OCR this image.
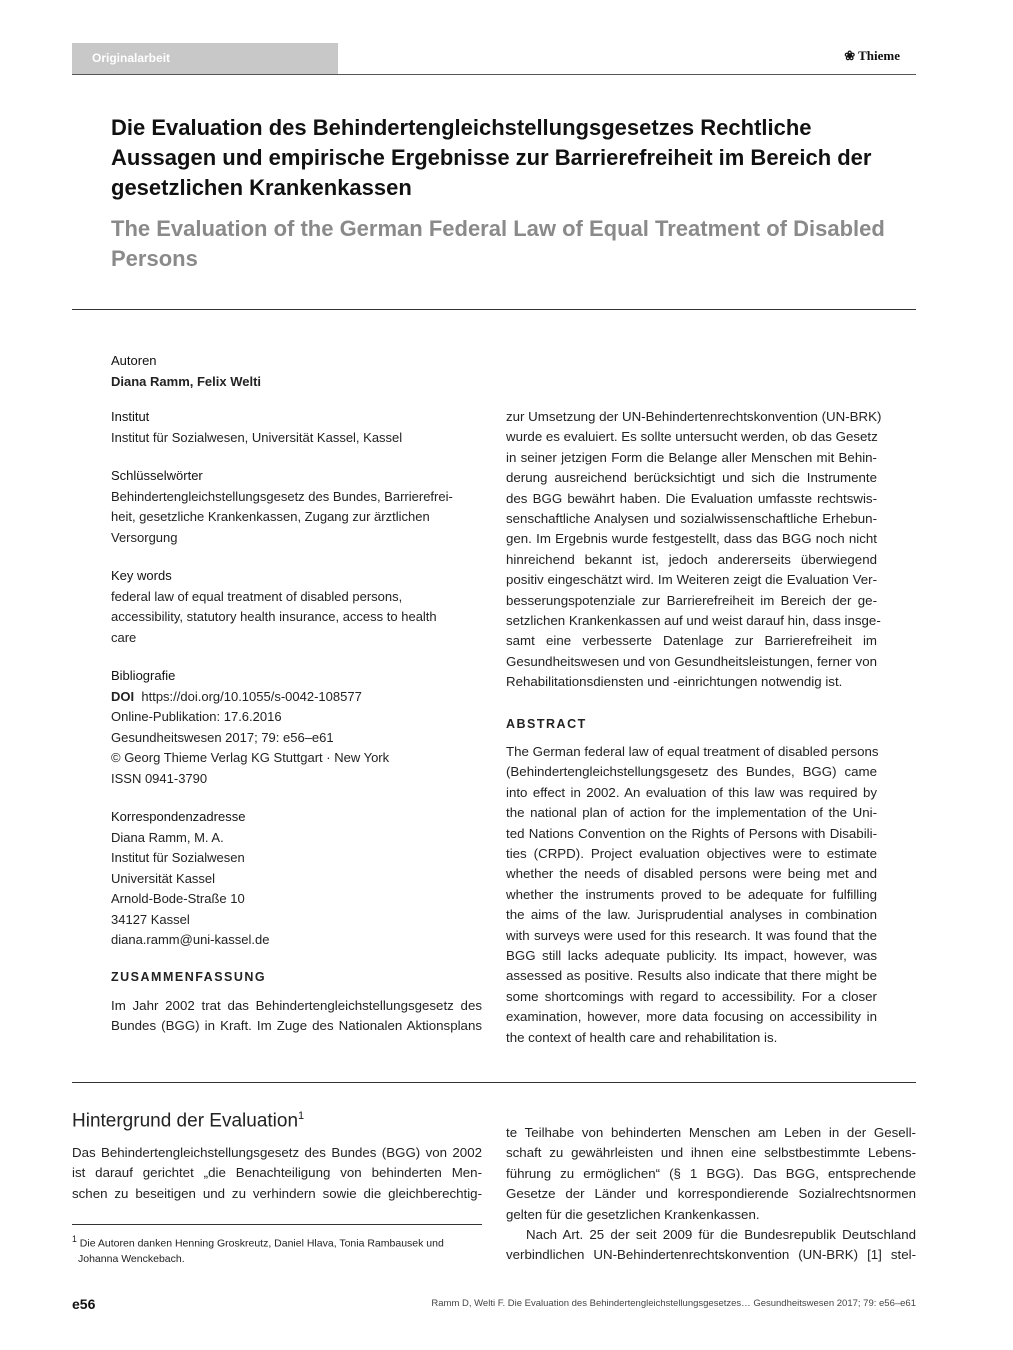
Originalarbeit	❀ Thieme
Die Evaluation des Behindertengleichstellungsgesetzes Rechtliche Aussagen und empirische Ergebnisse zur Barrierefreiheit im Bereich der gesetzlichen Krankenkassen
The Evaluation of the German Federal Law of Equal Treatment of Disabled Persons
Autoren
Diana Ramm, Felix Welti
Institut
Institut für Sozialwesen, Universität Kassel, Kassel
Schlüsselwörter
Behindertengleichstellungsgesetz des Bundes, Barrierefrei-
heit, gesetzliche Krankenkassen, Zugang zur ärztlichen
Versorgung
Key words
federal law of equal treatment of disabled persons,
accessibility, statutory health insurance, access to health
care
Bibliografie
DOI https://doi.org/10.1055/s-0042-108577
Online-Publikation: 17.6.2016
Gesundheitswesen 2017; 79: e56–e61
© Georg Thieme Verlag KG Stuttgart · New York
ISSN 0941-3790
Korrespondenzadresse
Diana Ramm, M. A.
Institut für Sozialwesen
Universität Kassel
Arnold-Bode-Straße 10
34127 Kassel
diana.ramm@uni-kassel.de
ZUSAMMENFASSUNG
Im Jahr 2002 trat das Behindertengleichstellungsgesetz des
Bundes (BGG) in Kraft. Im Zuge des Nationalen Aktionsplans
zur Umsetzung der UN-Behindertenrechtskonvention (UN-BRK)
wurde es evaluiert. Es sollte untersucht werden, ob das Gesetz
in seiner jetzigen Form die Belange aller Menschen mit Behin-
derung ausreichend berücksichtigt und sich die Instrumente
des BGG bewährt haben. Die Evaluation umfasste rechtswis-
senschaftliche Analysen und sozialwissenschaftliche Erhebun-
gen. Im Ergebnis wurde festgestellt, dass das BGG noch nicht
hinreichend bekannt ist, jedoch andererseits überwiegend
positiv eingeschätzt wird. Im Weiteren zeigt die Evaluation Ver-
besserungspotenziale zur Barrierefreiheit im Bereich der ge-
setzlichen Krankenkassen auf und weist darauf hin, dass insge-
samt eine verbesserte Datenlage zur Barrierefreiheit im
Gesundheitswesen und von Gesundheitsleistungen, ferner von
Rehabilitationsdiensten und -einrichtungen notwendig ist.
ABSTRACT
The German federal law of equal treatment of disabled persons
(Behindertengleichstellungsgesetz des Bundes, BGG) came
into effect in 2002. An evaluation of this law was required by
the national plan of action for the implementation of the Uni-
ted Nations Convention on the Rights of Persons with Disabili-
ties (CRPD). Project evaluation objectives were to estimate
whether the needs of disabled persons were being met and
whether the instruments proved to be adequate for fulfilling
the aims of the law. Jurisprudential analyses in combination
with surveys were used for this research. It was found that the
BGG still lacks adequate publicity. Its impact, however, was
assessed as positive. Results also indicate that there might be
some shortcomings with regard to accessibility. For a closer
examination, however, more data focusing on accessibility in
the context of health care and rehabilitation is.
Hintergrund der Evaluation$^1$
Das Behindertengleichstellungsgesetz des Bundes (BGG) von 2002
ist darauf gerichtet „die Benachteiligung von behinderten Men-
schen zu beseitigen und zu verhindern sowie die gleichberechtig-
$^1$ Die Autoren danken Henning Groskreutz, Daniel Hlava, Tonia Rambausek und
Johanna Wenckebach.
te Teilhabe von behinderten Menschen am Leben in der Gesell-
schaft zu gewährleisten und ihnen eine selbstbestimmte Lebens-
führung zu ermöglichen“ (§ 1 BGG). Das BGG, entsprechende
Gesetze der Länder und korrespondierende Sozialrechtsnormen
gelten für die gesetzlichen Krankenkassen.
Nach Art. 25 der seit 2009 für die Bundesrepublik Deutschland
verbindlichen UN-Behindertenrechtskonvention (UN-BRK) [1] stel-
e56	Ramm D, Welti F. Die Evaluation des Behindertengleichstellungsgesetzes… Gesundheitswesen 2017; 79: e56–e61
